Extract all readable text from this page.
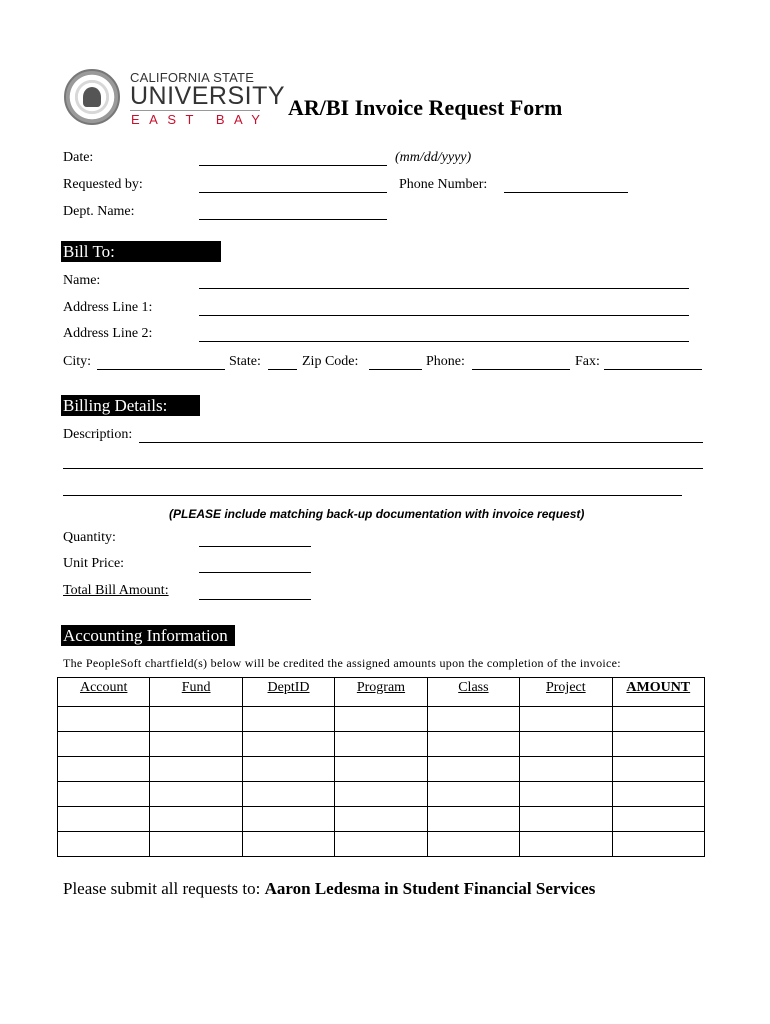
CALIFORNIA STATE
UNIVERSITY
EAST BAY AR/BI Invoice Request Form
Date:	(mm/dd/yyyy)
Requested by:	Phone Number:
Dept. Name:
Bill To:
Name:
Address Line 1:
Address Line 2:
City:	State:	Zip Code:	Phone:	Fax:
Billing Details:
Description:
(PLEASE include matching back-up documentation with invoice request)
Quantity:
Unit Price:
Total Bill Amount:
Accounting Information
The PeopleSoft chartfield(s) below will be credited the assigned amounts upon the completion of the invoice:
Account	Fund	DeptID	Program	Class	Project	AMOUNT

Please submit all requests to: Aaron Ledesma in Student Financial Services
